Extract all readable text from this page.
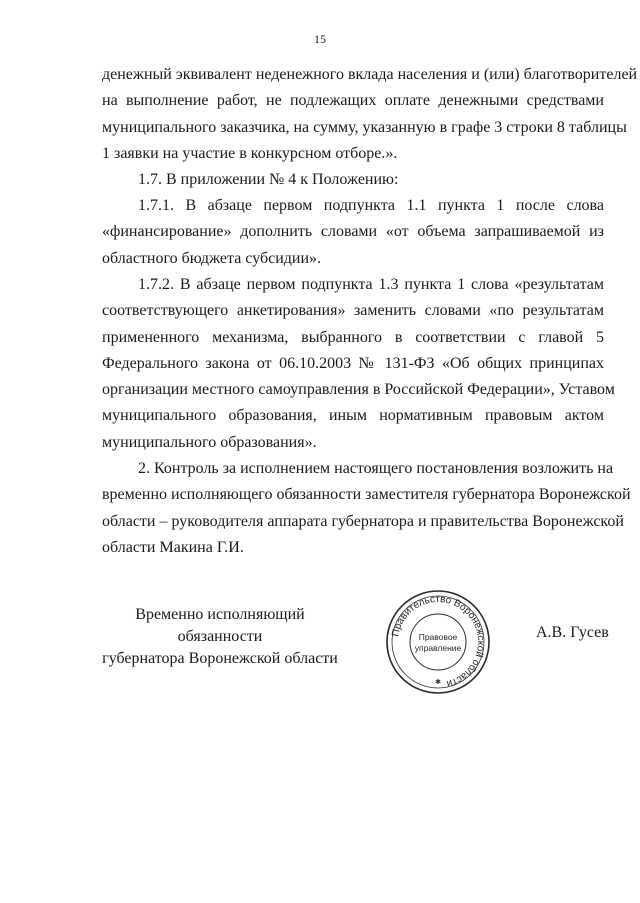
15
денежный эквивалент неденежного вклада населения и (или) благотворителей
на выполнение работ, не подлежащих оплате денежными средствами
муниципального заказчика, на сумму, указанную в графе 3 строки 8 таблицы
1 заявки на участие в конкурсном отборе.».
1.7. В приложении № 4 к Положению:
1.7.1. В абзаце первом подпункта 1.1 пункта 1 после слова
«финансирование» дополнить словами «от объема запрашиваемой из
областного бюджета субсидии».
1.7.2. В абзаце первом подпункта 1.3 пункта 1 слова «результатам
соответствующего анкетирования» заменить словами «по результатам
примененного механизма, выбранного в соответствии с главой 5
Федерального закона от 06.10.2003 № 131-ФЗ «Об общих принципах
организации местного самоуправления в Российской Федерации», Уставом
муниципального образования, иным нормативным правовым актом
муниципального образования».
2. Контроль за исполнением настоящего постановления возложить на
временно исполняющего обязанности заместителя губернатора Воронежской
области – руководителя аппарата губернатора и правительства Воронежской
области Макина Г.И.
Временно исполняющий обязанности
губернатора Воронежской области
А.В. Гусев
Правительство Воронежской области
Правовое
управление
✱
